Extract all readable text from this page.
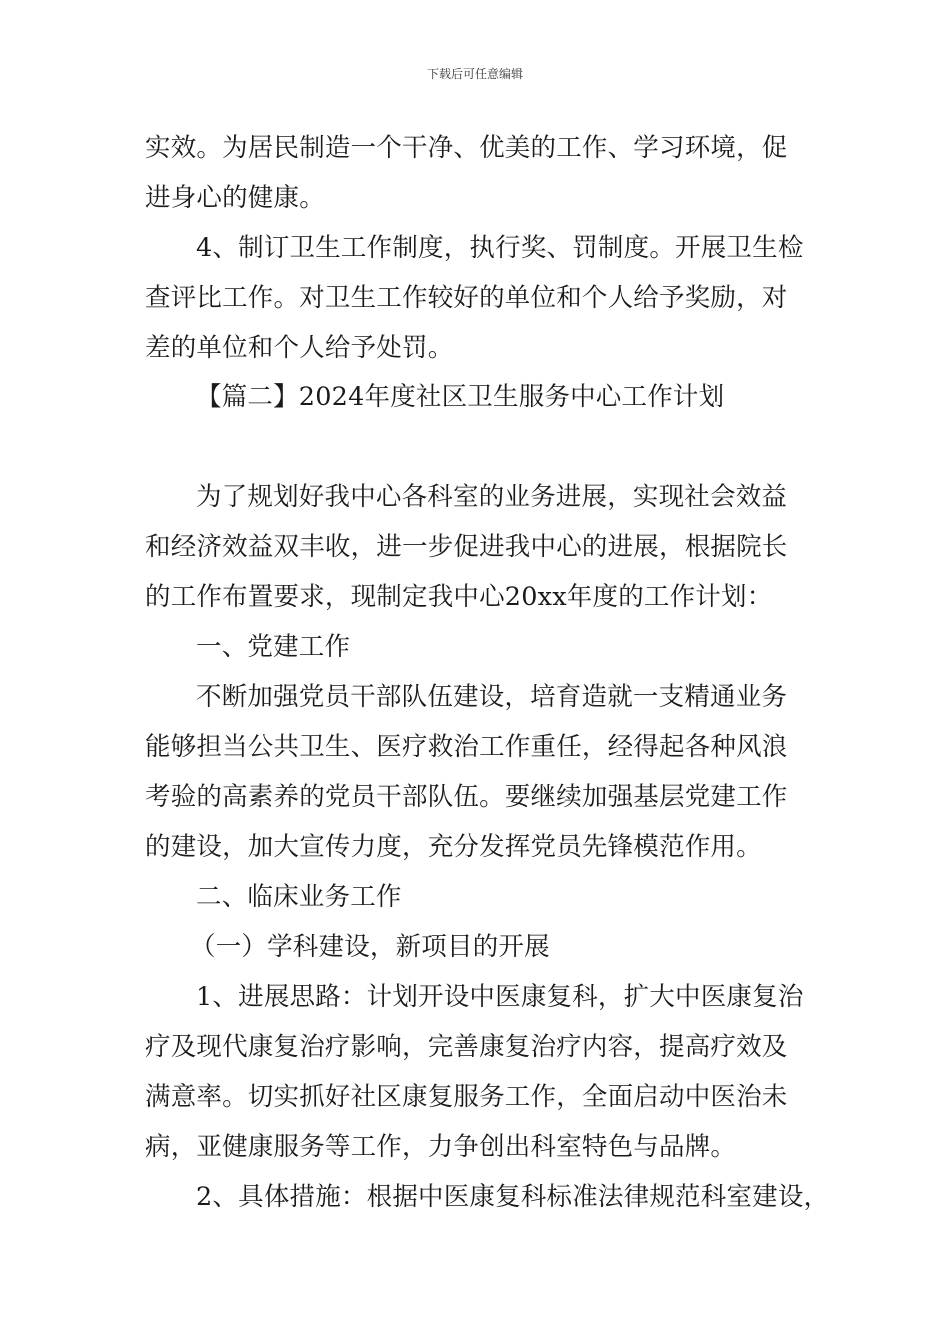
下载后可任意编辑
实效。为居民制造一个干净、优美的工作、学习环境，促
进身心的健康。
4、制订卫生工作制度，执行奖、罚制度。开展卫生检
查评比工作。对卫生工作较好的单位和个人给予奖励，对
差的单位和个人给予处罚。
【篇二】2024年度社区卫生服务中心工作计划
为了规划好我中心各科室的业务进展，实现社会效益
和经济效益双丰收，进一步促进我中心的进展，根据院长
的工作布置要求，现制定我中心20xx年度的工作计划：
一、党建工作
不断加强党员干部队伍建设，培育造就一支精通业务
能够担当公共卫生、医疗救治工作重任，经得起各种风浪
考验的高素养的党员干部队伍。要继续加强基层党建工作
的建设，加大宣传力度，充分发挥党员先锋模范作用。
二、临床业务工作
（一）学科建设，新项目的开展
1、进展思路：计划开设中医康复科，扩大中医康复治
疗及现代康复治疗影响，完善康复治疗内容，提高疗效及
满意率。切实抓好社区康复服务工作，全面启动中医治未
病，亚健康服务等工作，力争创出科室特色与品牌。
2、具体措施：根据中医康复科标准法律规范科室建设，
